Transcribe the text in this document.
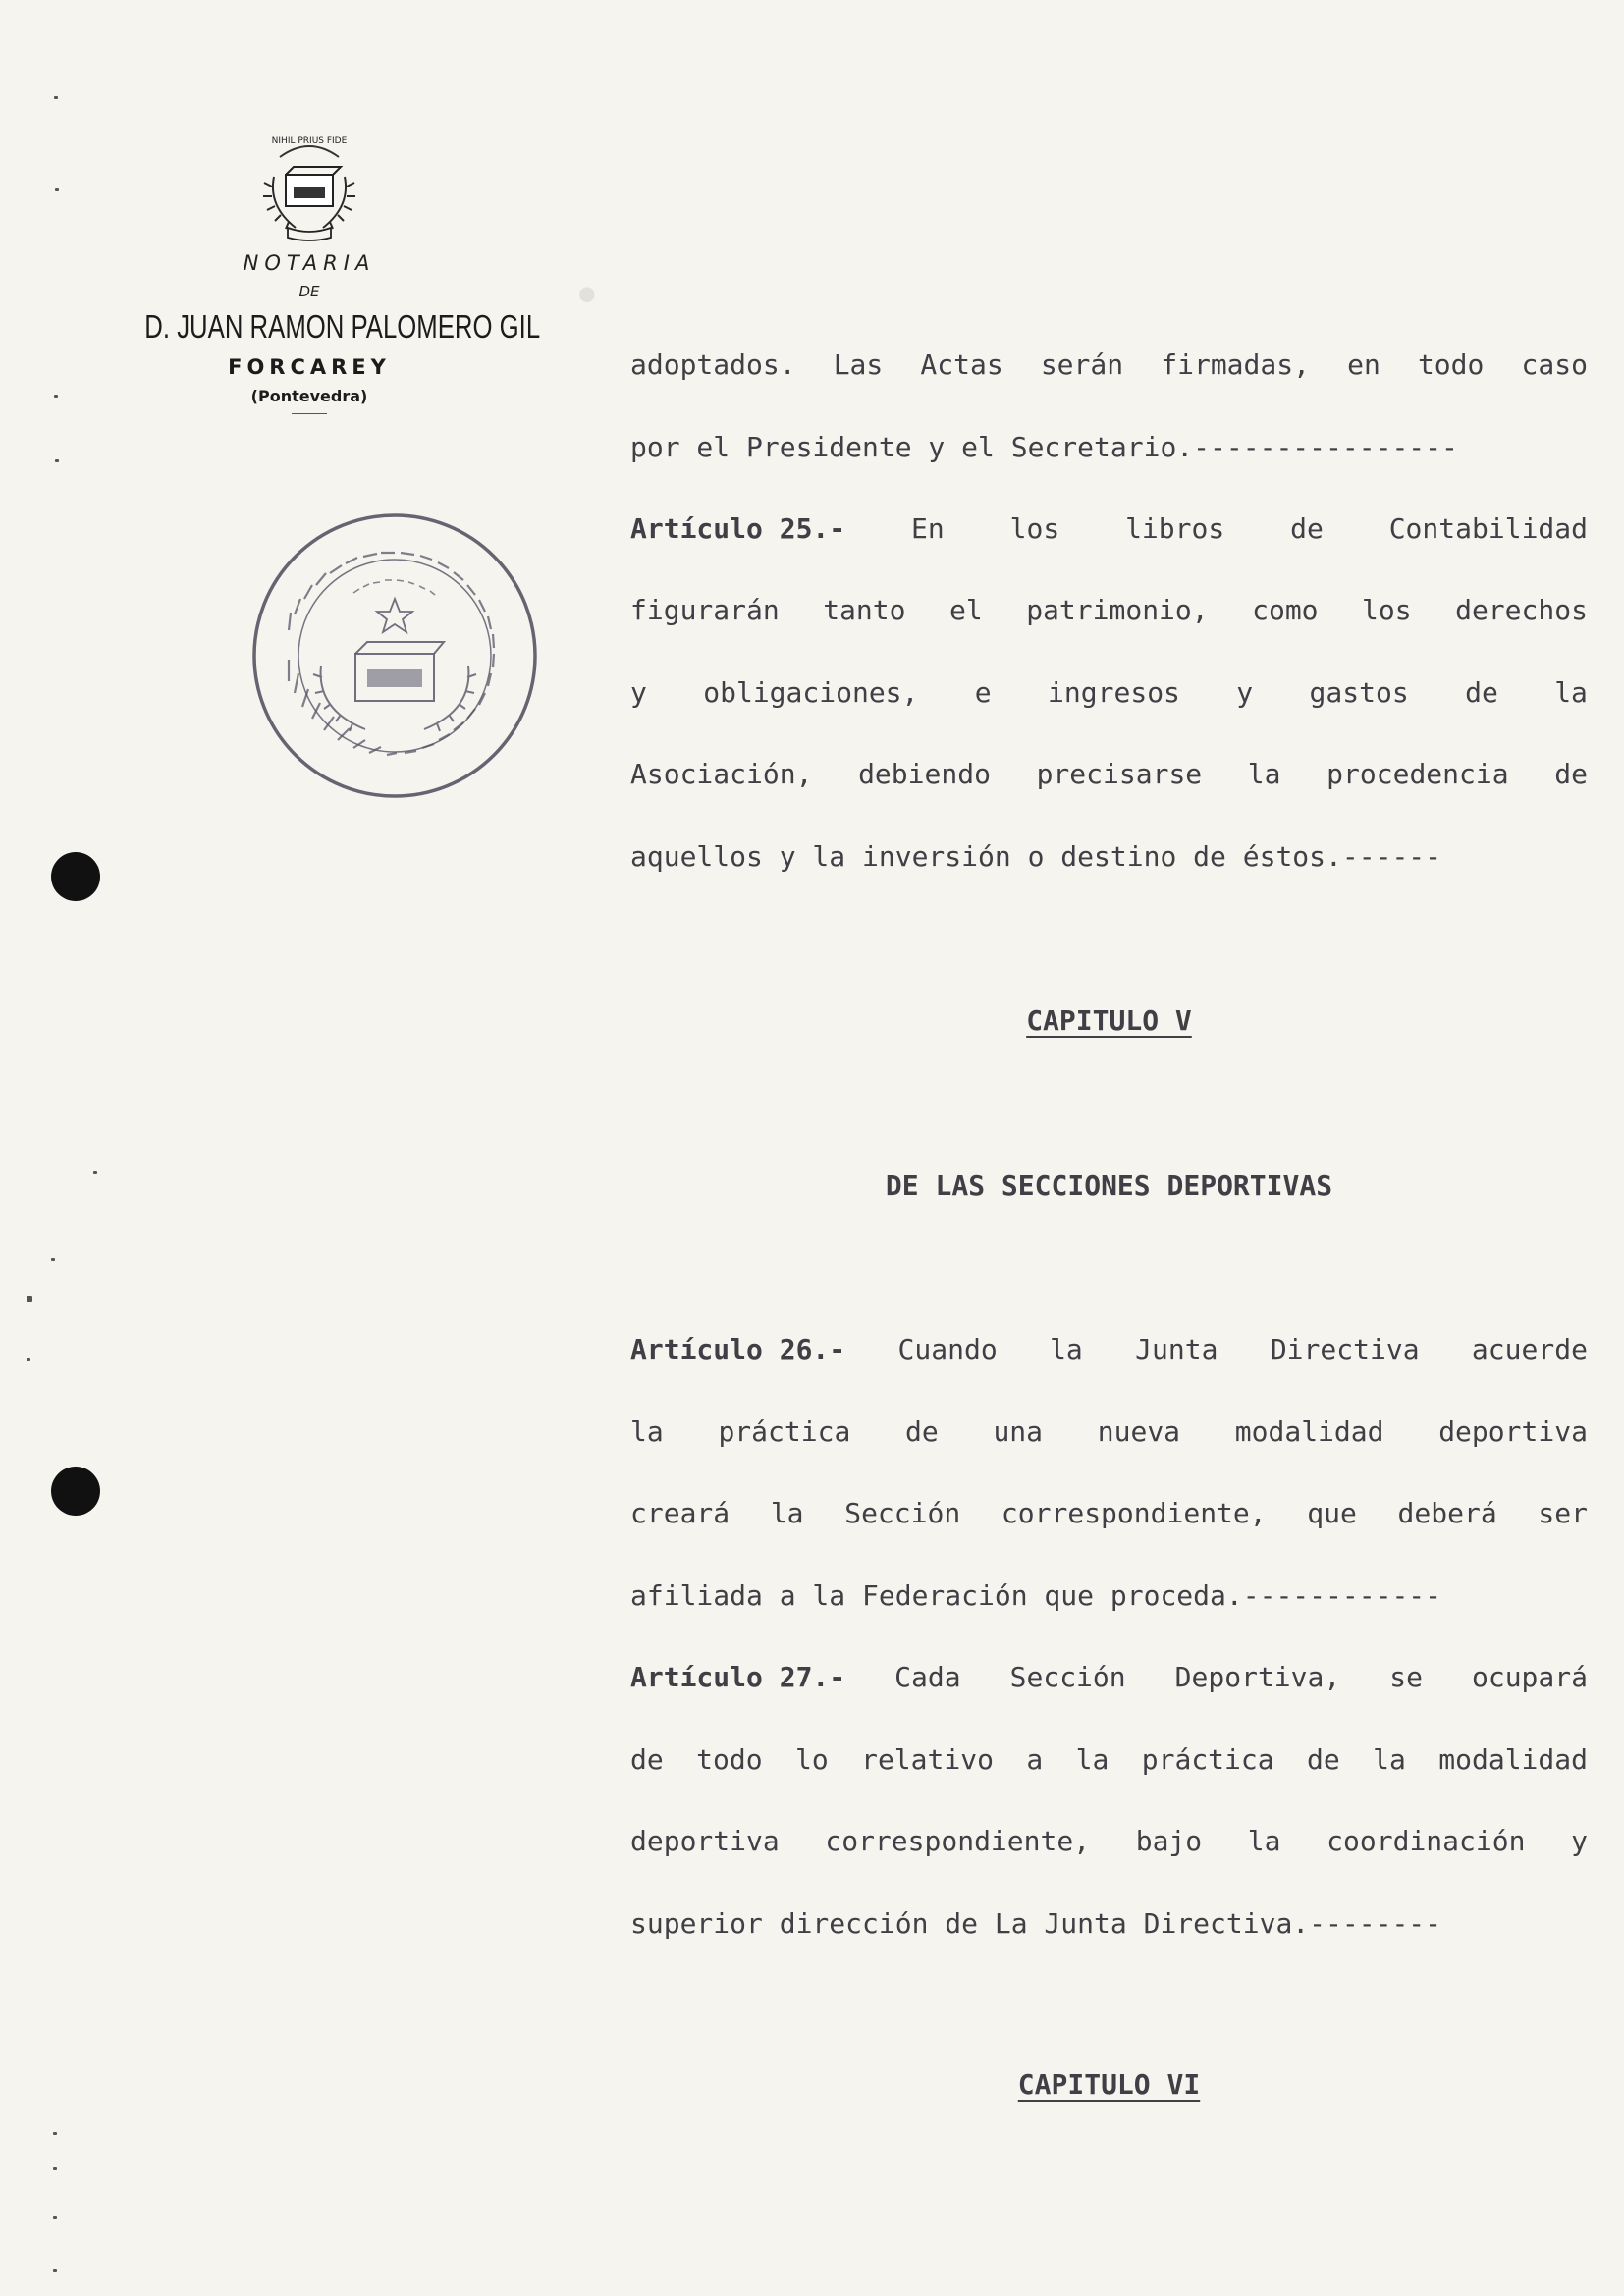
NIHIL PRIUS FIDE
NOTARIA
DE
D. JUAN RAMON PALOMERO GIL
FORCAREY
(Pontevedra)
●
adoptados. Las Actas serán firmadas, en todo caso
por el Presidente y el Secretario.----------------
Artículo 25.- En los libros de Contabilidad
figurarán tanto el patrimonio, como los derechos
y obligaciones, e ingresos y gastos de la
Asociación, debiendo precisarse la procedencia de
aquellos y la inversión o destino de éstos.------
CAPITULO V
DE LAS SECCIONES DEPORTIVAS
Artículo 26.- Cuando la Junta Directiva acuerde
la práctica de una nueva modalidad deportiva
creará la Sección correspondiente, que deberá ser
afiliada a la Federación que proceda.------------
Artículo 27.- Cada Sección Deportiva, se ocupará
de todo lo relativo a la práctica de la modalidad
deportiva correspondiente, bajo la coordinación y
superior dirección de La Junta Directiva.--------
CAPITULO VI
